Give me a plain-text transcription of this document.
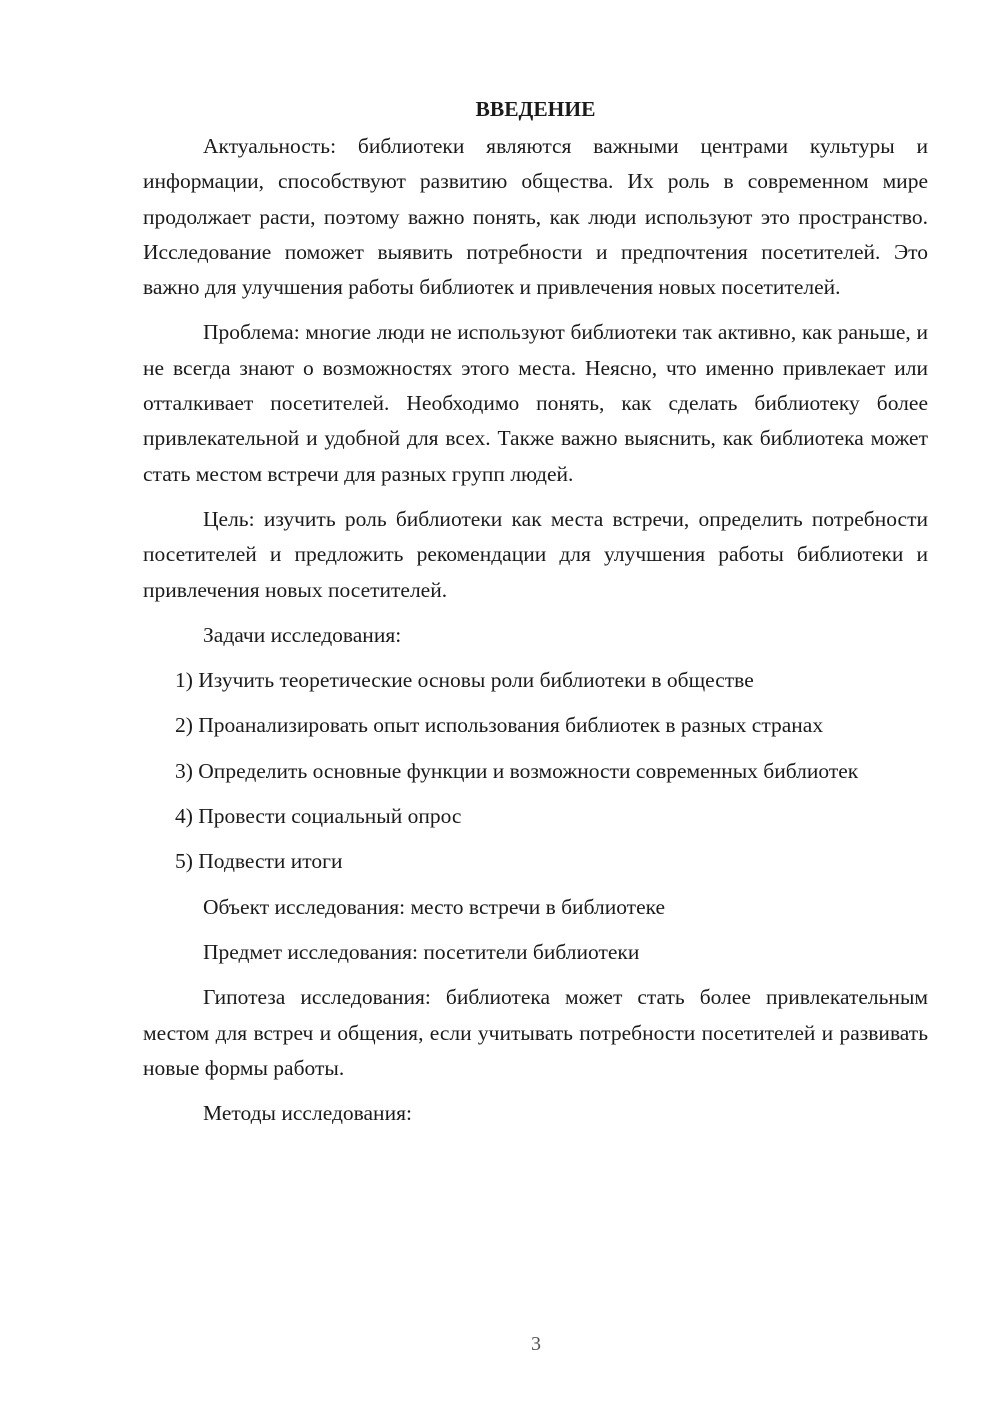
ВВЕДЕНИЕ

Актуальность: библиотеки являются важными центрами культуры и информации, способствуют развитию общества. Их роль в современном мире продолжает расти, поэтому важно понять, как люди используют это пространство. Исследование поможет выявить потребности и предпочтения посетителей. Это важно для улучшения работы библиотек и привлечения новых посетителей.

Проблема: многие люди не используют библиотеки так активно, как раньше, и не всегда знают о возможностях этого места. Неясно, что именно привлекает или отталкивает посетителей. Необходимо понять, как сделать библиотеку более привлекательной и удобной для всех. Также важно выяснить, как библиотека может стать местом встречи для разных групп людей.

Цель: изучить роль библиотеки как места встречи, определить потребности посетителей и предложить рекомендации для улучшения работы библиотеки и привлечения новых посетителей.

Задачи исследования:

1) Изучить теоретические основы роли библиотеки в обществе

2) Проанализировать опыт использования библиотек в разных странах

3) Определить основные функции и возможности современных библиотек

4) Провести социальный опрос

5) Подвести итоги

Объект исследования: место встречи в библиотеке

Предмет исследования: посетители библиотеки

Гипотеза исследования: библиотека может стать более привлекательным местом для встреч и общения, если учитывать потребности посетителей и развивать новые формы работы.

Методы исследования:

3
